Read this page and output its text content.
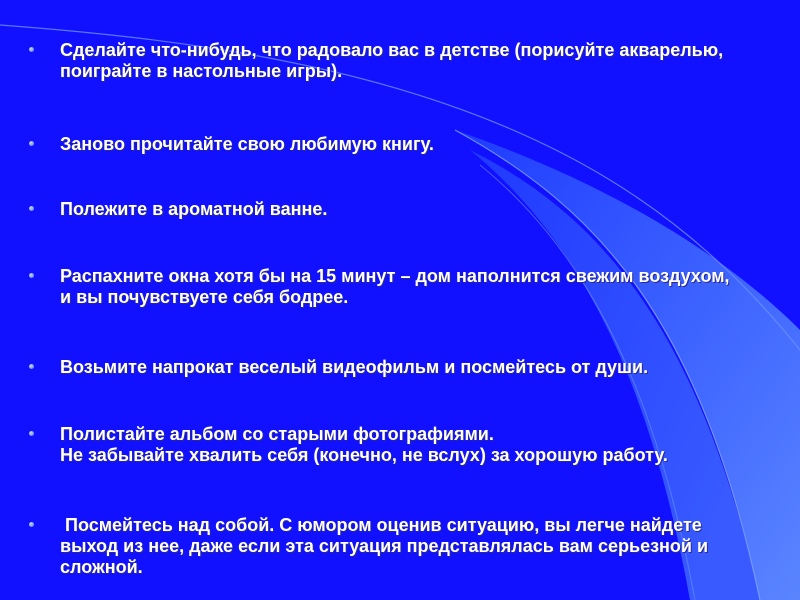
Сделайте что-нибудь, что радовало вас в детстве (порисуйте акварелью,
поиграйте в настольные игры).
Заново прочитайте свою любимую книгу.
Полежите в ароматной ванне.
Распахните окна хотя бы на 15 минут – дом наполнится свежим воздухом,
и вы почувствуете себя бодрее.
Возьмите напрокат веселый видеофильм и посмейтесь от души.
Полистайте альбом со старыми фотографиями.
Не забывайте хвалить себя (конечно, не вслух) за хорошую работу.
Посмейтесь над собой. С юмором оценив ситуацию, вы легче найдете
выход из нее, даже если эта ситуация представлялась вам серьезной и
сложной.
